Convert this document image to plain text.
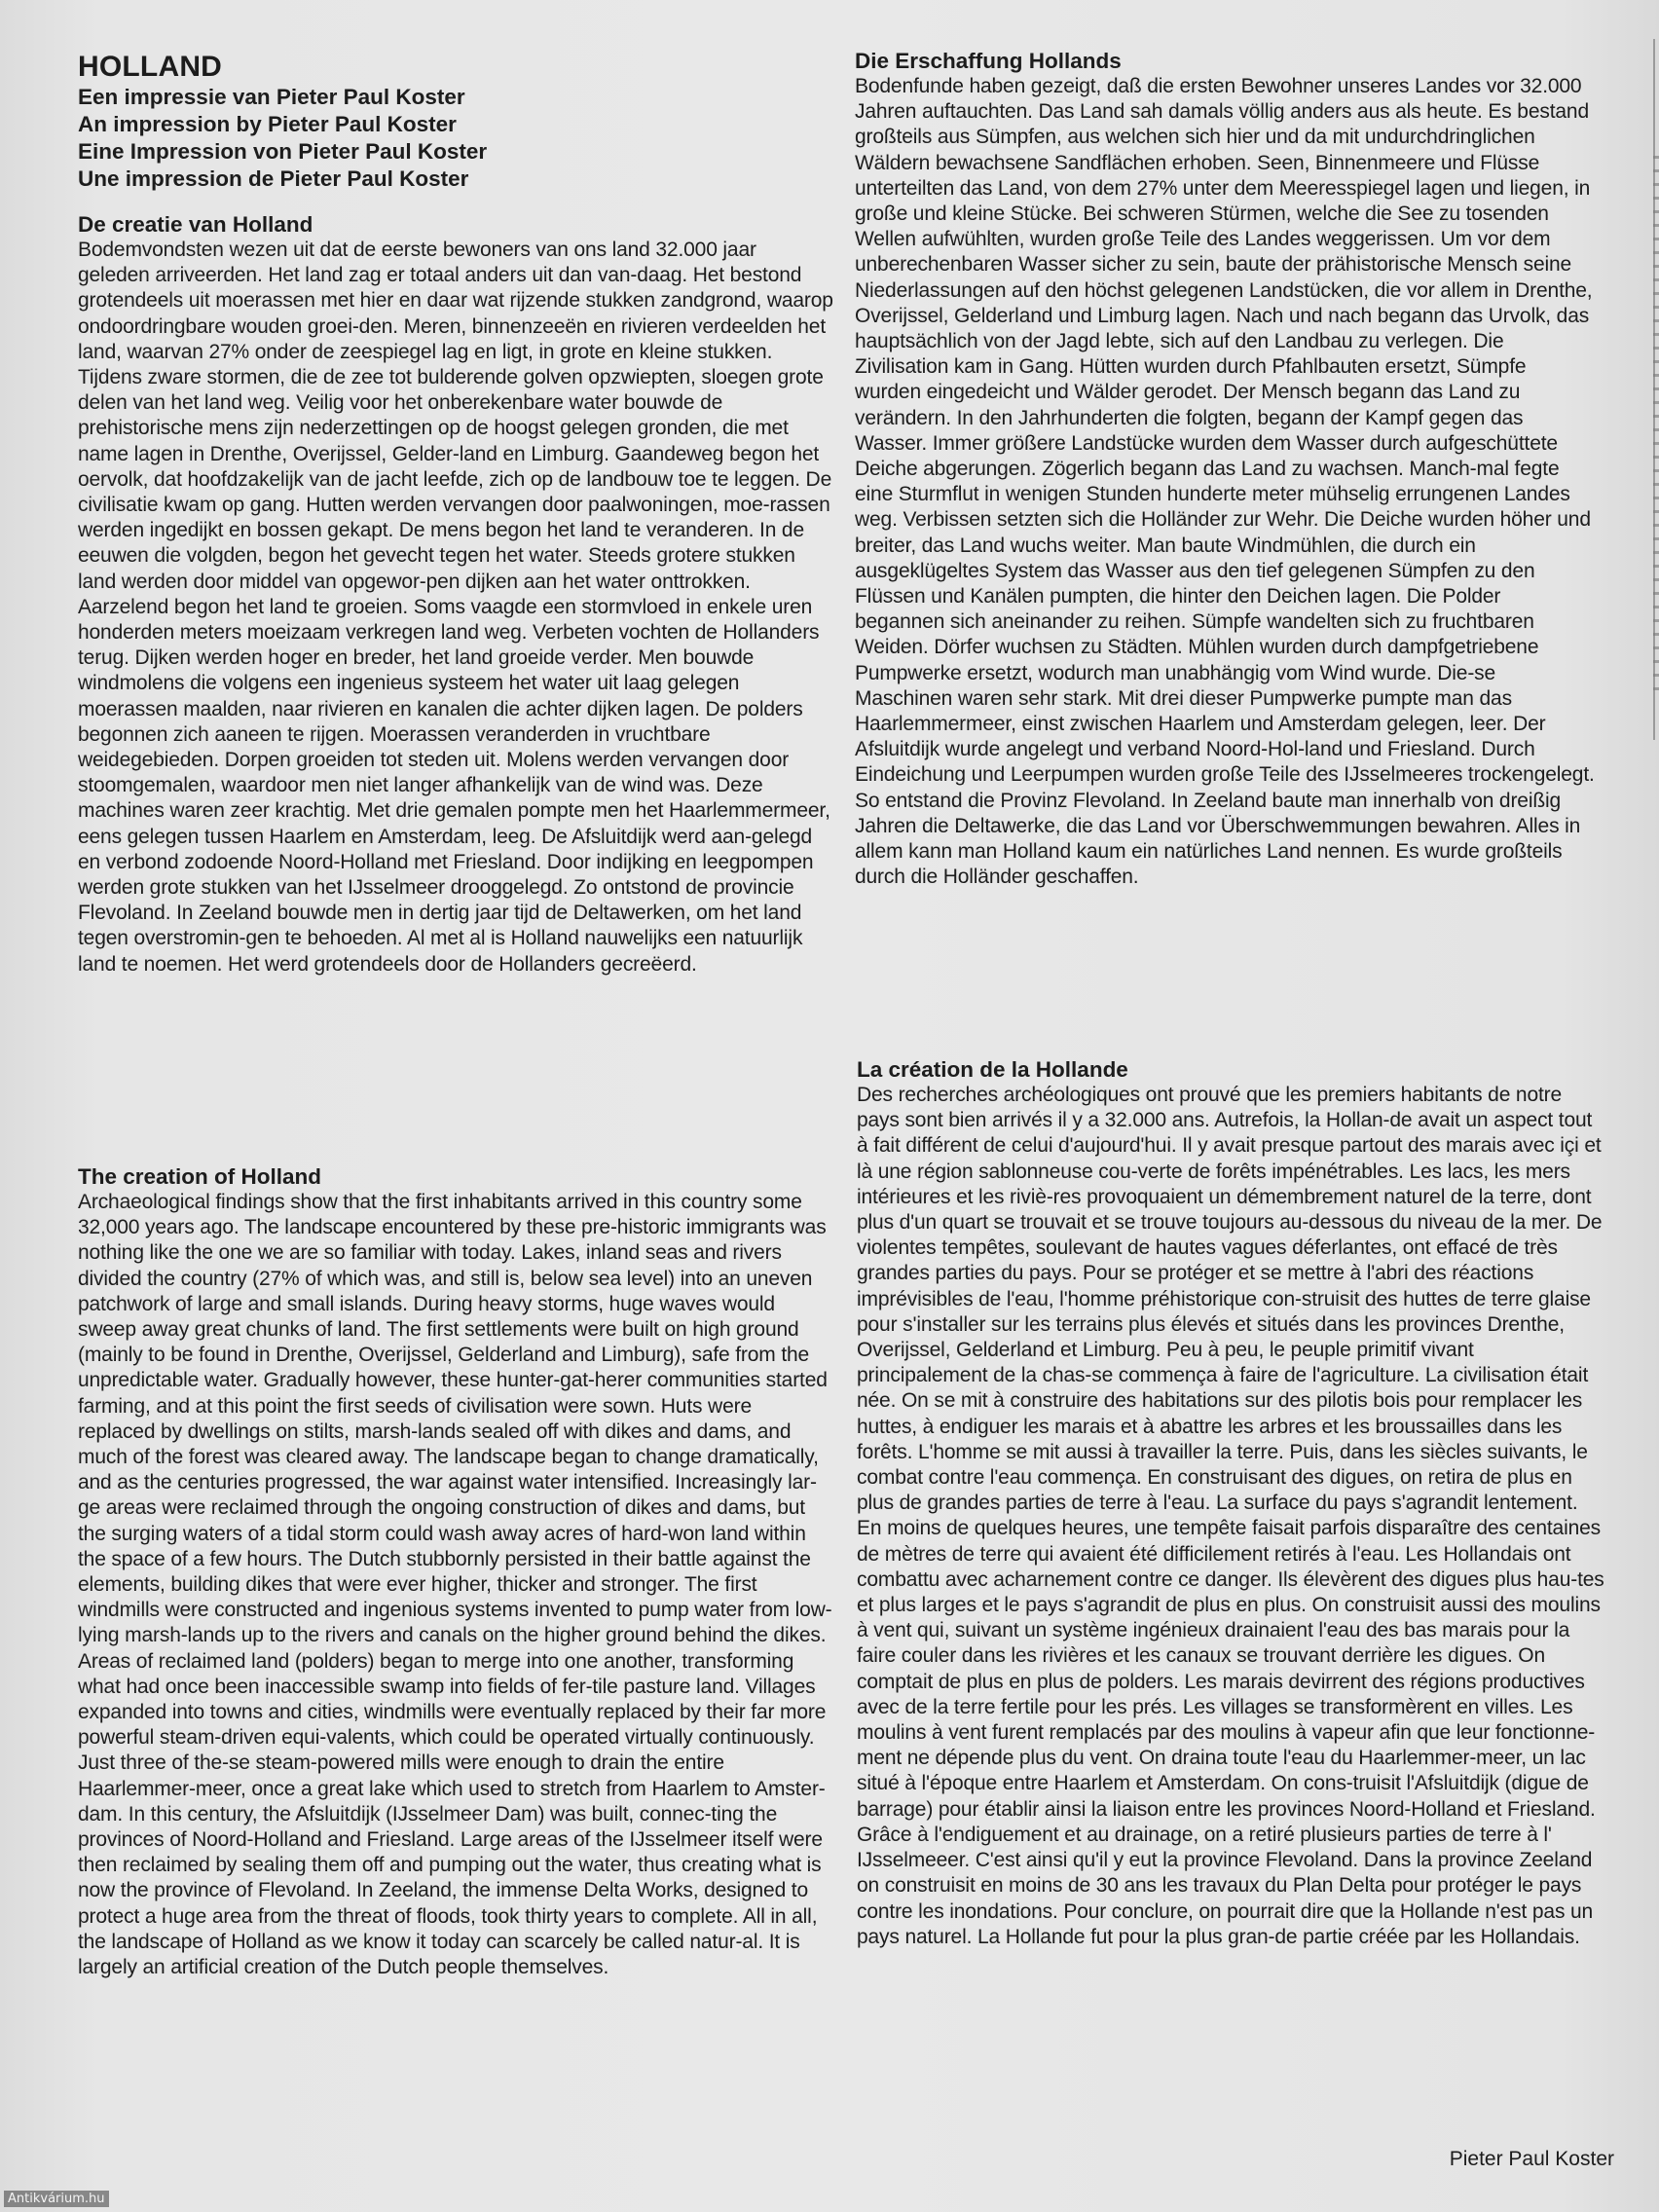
HOLLAND

Een impressie van Pieter Paul Koster

An impression by Pieter Paul Koster

Eine Impression von Pieter Paul Koster

Une impression de Pieter Paul Koster

De creatie van Holland

Bodemvondsten wezen uit dat de eerste bewoners van ons land 32.000 jaar geleden arriveerden. Het land zag er totaal anders uit dan van-daag. Het bestond grotendeels uit moerassen met hier en daar wat rijzende stukken zandgrond, waarop ondoordringbare wouden groei-den. Meren, binnenzeeën en rivieren verdeelden het land, waarvan 27% onder de zeespiegel lag en ligt, in grote en kleine stukken. Tijdens zware stormen, die de zee tot bulderende golven opzwiepten, sloegen grote delen van het land weg. Veilig voor het onberekenbare water bouwde de prehistorische mens zijn nederzettingen op de hoogst gelegen gronden, die met name lagen in Drenthe, Overijssel, Gelder-land en Limburg. Gaandeweg begon het oervolk, dat hoofdzakelijk van de jacht leefde, zich op de landbouw toe te leggen. De civilisatie kwam op gang. Hutten werden vervangen door paalwoningen, moe-rassen werden ingedijkt en bossen gekapt. De mens begon het land te veranderen. In de eeuwen die volgden, begon het gevecht tegen het water. Steeds grotere stukken land werden door middel van opgewor-pen dijken aan het water onttrokken. Aarzelend begon het land te groeien. Soms vaagde een stormvloed in enkele uren honderden meters moeizaam verkregen land weg. Verbeten vochten de Hollanders terug. Dijken werden hoger en breder, het land groeide verder. Men bouwde windmolens die volgens een ingenieus systeem het water uit laag gelegen moerassen maalden, naar rivieren en kanalen die achter dijken lagen. De polders begonnen zich aaneen te rijgen. Moerassen veranderden in vruchtbare weidegebieden. Dorpen groeiden tot steden uit. Molens werden vervangen door stoomgemalen, waardoor men niet langer afhankelijk van de wind was. Deze machines waren zeer krachtig. Met drie gemalen pompte men het Haarlemmermeer, eens gelegen tussen Haarlem en Amsterdam, leeg. De Afsluitdijk werd aan-gelegd en verbond zodoende Noord-Holland met Friesland. Door indijking en leegpompen werden grote stukken van het IJsselmeer drooggelegd. Zo ontstond de provincie Flevoland. In Zeeland bouwde men in dertig jaar tijd de Deltawerken, om het land tegen overstromin-gen te behoeden. Al met al is Holland nauwelijks een natuurlijk land te noemen. Het werd grotendeels door de Hollanders gecreëerd.

The creation of Holland

Archaeological findings show that the first inhabitants arrived in this country some 32,000 years ago. The landscape encountered by these pre-historic immigrants was nothing like the one we are so familiar with today. Lakes, inland seas and rivers divided the country (27% of which was, and still is, below sea level) into an uneven patchwork of large and small islands. During heavy storms, huge waves would sweep away great chunks of land. The first settlements were built on high ground (mainly to be found in Drenthe, Overijssel, Gelderland and Limburg), safe from the unpredictable water. Gradually however, these hunter-gat-herer communities started farming, and at this point the first seeds of civilisation were sown. Huts were replaced by dwellings on stilts, marsh-lands sealed off with dikes and dams, and much of the forest was cleared away. The landscape began to change dramatically, and as the centuries progressed, the war against water intensified. Increasingly lar-ge areas were reclaimed through the ongoing construction of dikes and dams, but the surging waters of a tidal storm could wash away acres of hard-won land within the space of a few hours. The Dutch stubbornly persisted in their battle against the elements, building dikes that were ever higher, thicker and stronger. The first windmills were constructed and ingenious systems invented to pump water from low-lying marsh-lands up to the rivers and canals on the higher ground behind the dikes. Areas of reclaimed land (polders) began to merge into one another, transforming what had once been inaccessible swamp into fields of fer-tile pasture land. Villages expanded into towns and cities, windmills were eventually replaced by their far more powerful steam-driven equi-valents, which could be operated virtually continuously. Just three of the-se steam-powered mills were enough to drain the entire Haarlemmer-meer, once a great lake which used to stretch from Haarlem to Amster-dam. In this century, the Afsluitdijk (IJsselmeer Dam) was built, connec-ting the provinces of Noord-Holland and Friesland. Large areas of the IJsselmeer itself were then reclaimed by sealing them off and pumping out the water, thus creating what is now the province of Flevoland. In Zeeland, the immense Delta Works, designed to protect a huge area from the threat of floods, took thirty years to complete. All in all, the landscape of Holland as we know it today can scarcely be called natur-al. It is largely an artificial creation of the Dutch people themselves.

Die Erschaffung Hollands

Bodenfunde haben gezeigt, daß die ersten Bewohner unseres Landes vor 32.000 Jahren auftauchten. Das Land sah damals völlig anders aus als heute. Es bestand großteils aus Sümpfen, aus welchen sich hier und da mit undurchdringlichen Wäldern bewachsene Sandflächen erhoben. Seen, Binnenmeere und Flüsse unterteilten das Land, von dem 27% unter dem Meeresspiegel lagen und liegen, in große und kleine Stücke. Bei schweren Stürmen, welche die See zu tosenden Wellen aufwühlten, wurden große Teile des Landes weggerissen. Um vor dem unberechenbaren Wasser sicher zu sein, baute der prähistorische Mensch seine Niederlassungen auf den höchst gelegenen Landstücken, die vor allem in Drenthe, Overijssel, Gelderland und Limburg lagen. Nach und nach begann das Urvolk, das hauptsächlich von der Jagd lebte, sich auf den Landbau zu verlegen. Die Zivilisation kam in Gang. Hütten wurden durch Pfahlbauten ersetzt, Sümpfe wurden eingedeicht und Wälder gerodet. Der Mensch begann das Land zu verändern. In den Jahrhunderten die folgten, begann der Kampf gegen das Wasser. Immer größere Landstücke wurden dem Wasser durch aufgeschüttete Deiche abgerungen. Zögerlich begann das Land zu wachsen. Manch-mal fegte eine Sturmflut in wenigen Stunden hunderte meter mühselig errungenen Landes weg. Verbissen setzten sich die Holländer zur Wehr. Die Deiche wurden höher und breiter, das Land wuchs weiter. Man baute Windmühlen, die durch ein ausgeklügeltes System das Wasser aus den tief gelegenen Sümpfen zu den Flüssen und Kanälen pumpten, die hinter den Deichen lagen. Die Polder begannen sich aneinander zu reihen. Sümpfe wandelten sich zu fruchtbaren Weiden. Dörfer wuchsen zu Städten. Mühlen wurden durch dampfgetriebene Pumpwerke ersetzt, wodurch man unabhängig vom Wind wurde. Die-se Maschinen waren sehr stark. Mit drei dieser Pumpwerke pumpte man das Haarlemmermeer, einst zwischen Haarlem und Amsterdam gelegen, leer. Der Afsluitdijk wurde angelegt und verband Noord-Hol-land und Friesland. Durch Eindeichung und Leerpumpen wurden große Teile des IJsselmeeres trockengelegt. So entstand die Provinz Flevoland. In Zeeland baute man innerhalb von dreißig Jahren die Deltawerke, die das Land vor Überschwemmungen bewahren. Alles in allem kann man Holland kaum ein natürliches Land nennen. Es wurde großteils durch die Holländer geschaffen.

La création de la Hollande

Des recherches archéologiques ont prouvé que les premiers habitants de notre pays sont bien arrivés il y a 32.000 ans. Autrefois, la Hollan-de avait un aspect tout à fait différent de celui d'aujourd'hui. Il y avait presque partout des marais avec içi et là une région sablonneuse cou-verte de forêts impénétrables. Les lacs, les mers intérieures et les riviè-res provoquaient un démembrement naturel de la terre, dont plus d'un quart se trouvait et se trouve toujours au-dessous du niveau de la mer. De violentes tempêtes, soulevant de hautes vagues déferlantes, ont effacé de très grandes parties du pays. Pour se protéger et se mettre à l'abri des réactions imprévisibles de l'eau, l'homme préhistorique con-struisit des huttes de terre glaise pour s'installer sur les terrains plus élevés et situés dans les provinces Drenthe, Overijssel, Gelderland et Limburg. Peu à peu, le peuple primitif vivant principalement de la chas-se commença à faire de l'agriculture. La civilisation était née. On se mit à construire des habitations sur des pilotis bois pour remplacer les huttes, à endiguer les marais et à abattre les arbres et les broussailles dans les forêts. L'homme se mit aussi à travailler la terre. Puis, dans les siècles suivants, le combat contre l'eau commença. En construisant des digues, on retira de plus en plus de grandes parties de terre à l'eau. La surface du pays s'agrandit lentement. En moins de quelques heures, une tempête faisait parfois disparaître des centaines de mètres de terre qui avaient été difficilement retirés à l'eau. Les Hollandais ont combattu avec acharnement contre ce danger. Ils élevèrent des digues plus hau-tes et plus larges et le pays s'agrandit de plus en plus. On construisit aussi des moulins à vent qui, suivant un système ingénieux drainaient l'eau des bas marais pour la faire couler dans les rivières et les canaux se trouvant derrière les digues. On comptait de plus en plus de polders. Les marais devirrent des régions productives avec de la terre fertile pour les prés. Les villages se transformèrent en villes. Les moulins à vent furent remplacés par des moulins à vapeur afin que leur fonctionne-ment ne dépende plus du vent. On draina toute l'eau du Haarlemmer-meer, un lac situé à l'époque entre Haarlem et Amsterdam. On cons-truisit l'Afsluitdijk (digue de barrage) pour établir ainsi la liaison entre les provinces Noord-Holland et Friesland. Grâce à l'endiguement et au drainage, on a retiré plusieurs parties de terre à l' IJsselmeeer. C'est ainsi qu'il y eut la province Flevoland. Dans la province Zeeland on construisit en moins de 30 ans les travaux du Plan Delta pour protéger le pays contre les inondations. Pour conclure, on pourrait dire que la Hollande n'est pas un pays naturel. La Hollande fut pour la plus gran-de partie créée par les Hollandais.

Pieter Paul Koster

Antikvárium.hu
